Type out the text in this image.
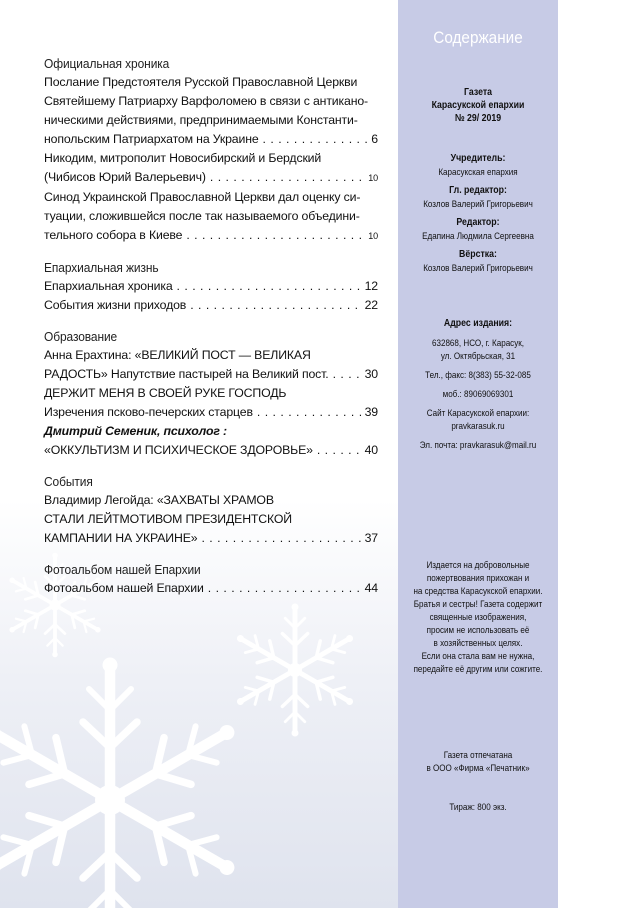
Официальная хроника
Послание Предстоятеля Русской Православной Церкви
Святейшему Патриарху Варфоломею в связи с антикано-
ническими действиями, предпринимаемыми Константи-
нопольским Патриархатом на Украине . . .	6
Никодим, митрополит Новосибирский и Бердский
(Чибисов Юрий Валерьевич) . . .	10
Синод Украинской Православной Церкви дал оценку си-
туации, сложившейся после так называемого объедини-
тельного собора в Киеве . . .	10
Епархиальная жизнь
Епархиальная хроника . . .	12
События жизни приходов . . .	22
Образование
Анна Ерахтина: «ВЕЛИКИЙ ПОСТ — ВЕЛИКАЯ
РАДОСТЬ» Напутствие пастырей на Великий пост. . . .	30
ДЕРЖИТ МЕНЯ В СВОЕЙ РУКЕ ГОСПОДЬ
Изречения псково-печерских старцев . . .	39
Дмитрий Семеник, психолог :
«ОККУЛЬТИЗМ И ПСИХИЧЕСКОЕ ЗДОРОВЬЕ» . . .	40
События
Владимир Легойда: «ЗАХВАТЫ ХРАМОВ
СТАЛИ ЛЕЙТМОТИВОМ ПРЕЗИДЕНТСКОЙ
КАМПАНИИ НА УКРАИНЕ» . . .	37
Фотоальбом нашей Епархии
Фотоальбом нашей Епархии . . .	44
Содержание
Газета
Карасукской епархии
№ 29/ 2019
Учредитель:
Карасукская епархия
Гл. редактор:
Козлов Валерий Григорьевич
Редактор:
Едапина Людмила Сергеевна
Вёрстка:
Козлов Валерий Григорьевич
Адрес издания:
632868, НСО, г. Карасук,
ул. Октябрьская, 31
Тел., факс: 8(383) 55-32-085
моб.: 89069069301
Сайт Карасукской епархии:
pravkarasuk.ru
Эл. почта: pravkarasuk@mail.ru
Издается на добровольные
пожертвования прихожан и
на средства Карасукской епархии.
Братья и сестры! Газета содержит
священные изображения,
просим не использовать её
в хозяйственных целях.
Если она стала вам не нужна,
передайте её другим или сожгите.
Газета отпечатана
в ООО «Фирма «Печатник»
Тираж: 800 экз.
